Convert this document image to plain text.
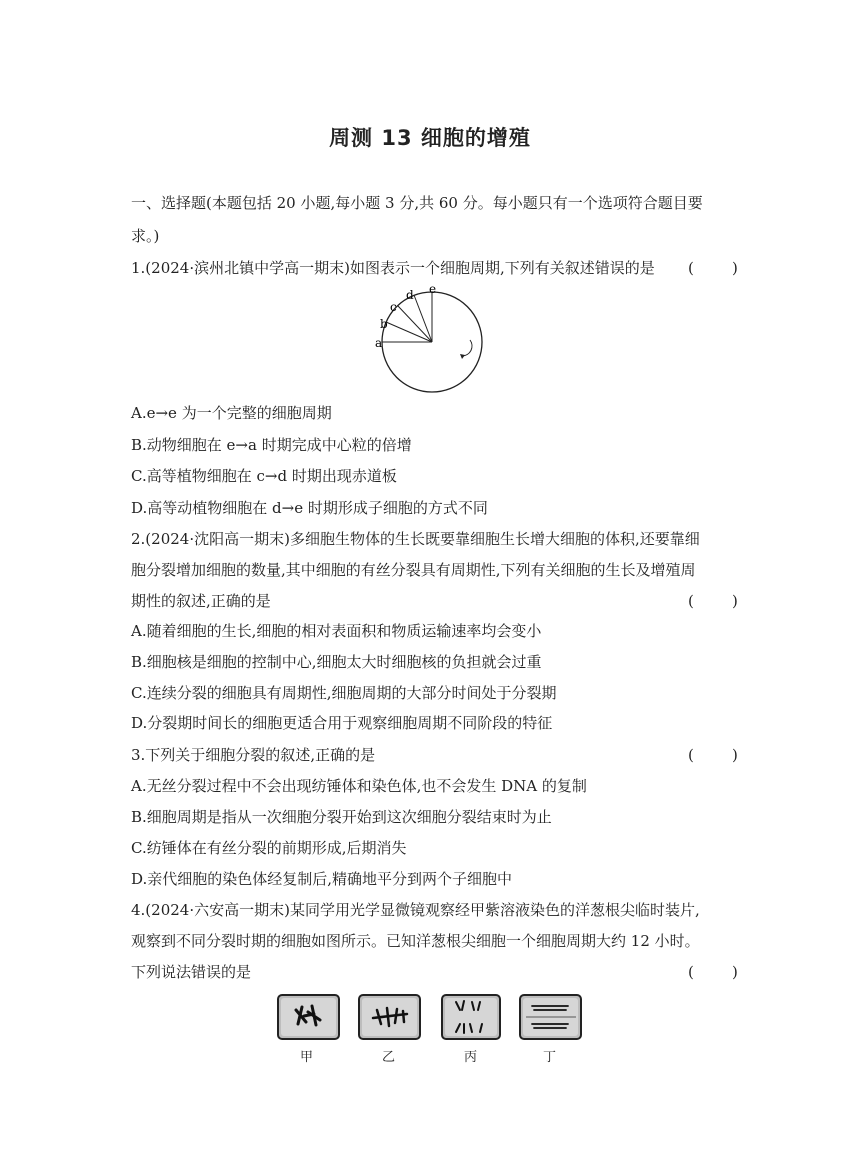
周测 13 细胞的增殖
一、选择题(本题包括 20 小题,每小题 3 分,共 60 分。每小题只有一个选项符合题目要
求。)
1.(2024·滨州北镇中学高一期末)如图表示一个细胞周期,下列有关叙述错误的是	(        )
a
b
c
d e
A.e→e 为一个完整的细胞周期
B.动物细胞在 e→a 时期完成中心粒的倍增
C.高等植物细胞在 c→d 时期出现赤道板
D.高等动植物细胞在 d→e 时期形成子细胞的方式不同
2.(2024·沈阳高一期末)多细胞生物体的生长既要靠细胞生长增大细胞的体积,还要靠细
胞分裂增加细胞的数量,其中细胞的有丝分裂具有周期性,下列有关细胞的生长及增殖周
期性的叙述,正确的是	(        )
A.随着细胞的生长,细胞的相对表面积和物质运输速率均会变小
B.细胞核是细胞的控制中心,细胞太大时细胞核的负担就会过重
C.连续分裂的细胞具有周期性,细胞周期的大部分时间处于分裂期
D.分裂期时间长的细胞更适合用于观察细胞周期不同阶段的特征
3.下列关于细胞分裂的叙述,正确的是	(        )
A.无丝分裂过程中不会出现纺锤体和染色体,也不会发生 DNA 的复制
B.细胞周期是指从一次细胞分裂开始到这次细胞分裂结束时为止
C.纺锤体在有丝分裂的前期形成,后期消失
D.亲代细胞的染色体经复制后,精确地平分到两个子细胞中
4.(2024·六安高一期末)某同学用光学显微镜观察经甲紫溶液染色的洋葱根尖临时装片,
观察到不同分裂时期的细胞如图所示。已知洋葱根尖细胞一个细胞周期大约 12 小时。
下列说法错误的是	(        )
甲	乙	丙	丁
